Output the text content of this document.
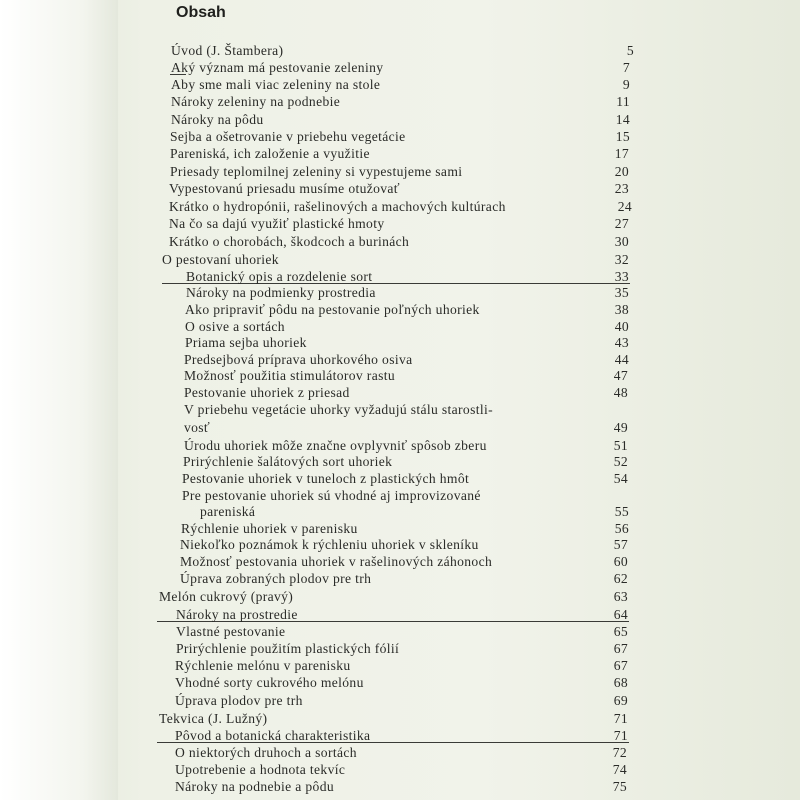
Obsah
Úvod (J. Štambera)	5
Aký význam má pestovanie zeleniny	7
Aby sme mali viac zeleniny na stole	9
Nároky zeleniny na podnebie	11
Nároky na pôdu	14
Sejba a ošetrovanie v priebehu vegetácie	15
Pareniská, ich založenie a využitie	17
Priesady teplomilnej zeleniny si vypestujeme sami	20
Vypestovanú priesadu musíme otužovať	23
Krátko o hydropónii, rašelinových a machových kultúrach	24
Na čo sa dajú využiť plastické hmoty	27
Krátko o chorobách, škodcoch a burinách	30
O pestovaní uhoriek	32
Botanický opis a rozdelenie sort	33
Nároky na podmienky prostredia	35
Ako pripraviť pôdu na pestovanie poľných uhoriek	38
O osive a sortách	40
Priama sejba uhoriek	43
Predsejbová príprava uhorkového osiva	44
Možnosť použitia stimulátorov rastu	47
Pestovanie uhoriek z priesad	48
V priebehu vegetácie uhorky vyžadujú stálu starostli-
vosť	49
Úrodu uhoriek môže značne ovplyvniť spôsob zberu	51
Prirýchlenie šalátových sort uhoriek	52
Pestovanie uhoriek v tuneloch z plastických hmôt	54
Pre pestovanie uhoriek sú vhodné aj improvizované
pareniská	55
Rýchlenie uhoriek v parenisku	56
Niekoľko poznámok k rýchleniu uhoriek v skleníku	57
Možnosť pestovania uhoriek v rašelinových záhonoch	60
Úprava zobraných plodov pre trh	62
Melón cukrový (pravý)	63
Nároky na prostredie	64
Vlastné pestovanie	65
Prirýchlenie použitím plastických fólií	67
Rýchlenie melónu v parenisku	67
Vhodné sorty cukrového melónu	68
Úprava plodov pre trh	69
Tekvica (J. Lužný)	71
Pôvod a botanická charakteristika	71
O niektorých druhoch a sortách	72
Upotrebenie a hodnota tekvíc	74
Nároky na podnebie a pôdu	75
